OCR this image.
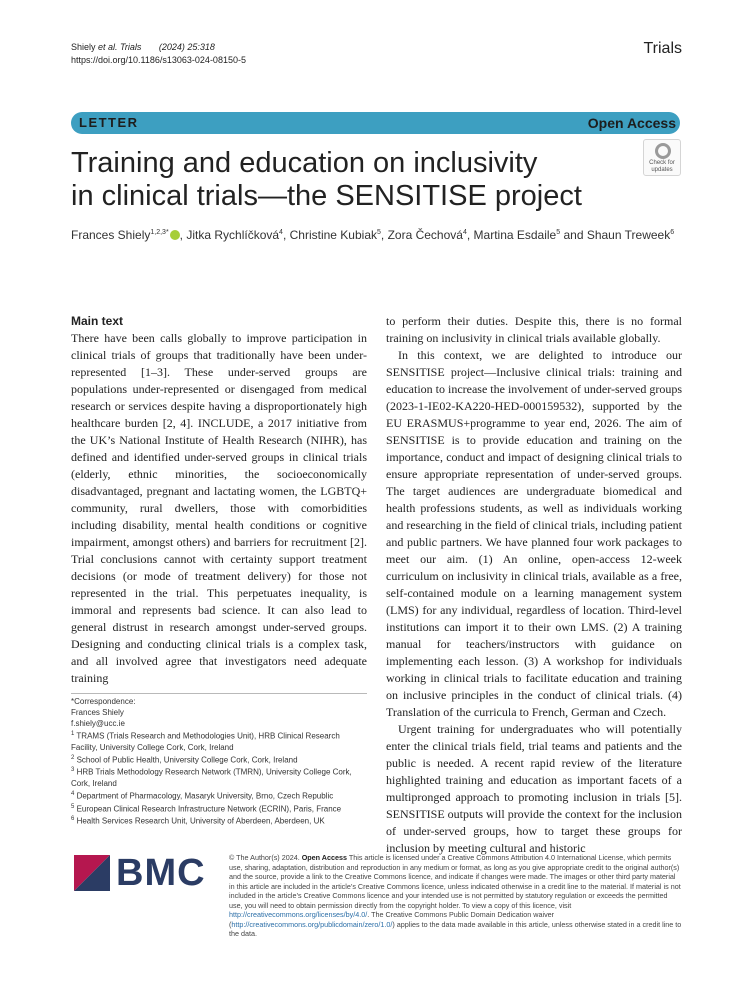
Shiely et al. Trials (2024) 25:318
https://doi.org/10.1186/s13063-024-08150-5
Trials
LETTER	Open Access
Training and education on inclusivity
in clinical trials—the SENSITISE project
Check for
updates
Frances Shiely$^{1,2,3*}$ , Jitka Rychlíčková$^4$, Christine Kubiak$^5$, Zora Čechová$^4$, Martina Esdaile$^5$ and Shaun Treweek$^6$
Main text

There have been calls globally to improve participation in clinical trials of groups that traditionally have been under-represented [1–3]. These under-served groups are populations under-represented or disengaged from medical research or services despite having a disproportionately high healthcare burden [2, 4]. INCLUDE, a 2017 initiative from the UK’s National Institute of Health Research (NIHR), has defined and identified under-served groups in clinical trials (elderly, ethnic minorities, the socioeconomically disadvantaged, pregnant and lactating women, the LGBTQ+ community, rural dwellers, those with comorbidities including disability, mental health conditions or cognitive impairment, amongst others) and barriers for recruitment [2]. Trial conclusions cannot with certainty support treatment decisions (or mode of treatment delivery) for those not represented in the trial. This perpetuates inequality, is immoral and represents bad science. It can also lead to general distrust in research amongst under-served groups. Designing and conducting clinical trials is a complex task, and all involved agree that investigators need adequate training

to perform their duties. Despite this, there is no formal training on inclusivity in clinical trials available globally.

In this context, we are delighted to introduce our SENSITISE project—Inclusive clinical trials: training and education to increase the involvement of under-served groups (2023-1-IE02-KA220-HED-000159532), supported by the EU ERASMUS+programme to year end, 2026. The aim of SENSITISE is to provide education and training on the importance, conduct and impact of designing clinical trials to ensure appropriate representation of under-served groups. The target audiences are undergraduate biomedical and health professions students, as well as individuals working and researching in the field of clinical trials, including patient and public partners. We have planned four work packages to meet our aim. (1) An online, open-access 12-week curriculum on inclusivity in clinical trials, available as a free, self-contained module on a learning management system (LMS) for any individual, regardless of location. Third-level institutions can import it to their own LMS. (2) A training manual for teachers/instructors with guidance on implementing each lesson. (3) A workshop for individuals working in clinical trials to facilitate education and training on inclusive principles in the conduct of clinical trials. (4) Translation of the curricula to French, German and Czech.

Urgent training for undergraduates who will potentially enter the clinical trials field, trial teams and patients and the public is needed. A recent rapid review of the literature highlighted training and education as important facets of a multipronged approach to promoting inclusion in trials [5]. SENSITISE outputs will provide the context for the inclusion of under-served groups, how to target these groups for inclusion by meeting cultural and historic

*Correspondence:
Frances Shiely
f.shiely@ucc.ie
$^1$ TRAMS (Trials Research and Methodologies Unit), HRB Clinical Research Facility, University College Cork, Cork, Ireland
$^2$ School of Public Health, University College Cork, Cork, Ireland
$^3$ HRB Trials Methodology Research Network (TMRN), University College Cork, Cork, Ireland
$^4$ Department of Pharmacology, Masaryk University, Brno, Czech Republic
$^5$ European Clinical Research Infrastructure Network (ECRIN), Paris, France
$^6$ Health Services Research Unit, University of Aberdeen, Aberdeen, UK
BMC	© The Author(s) 2024. Open Access This article is licensed under a Creative Commons Attribution 4.0 International License, which permits use, sharing, adaptation, distribution and reproduction in any medium or format, as long as you give appropriate credit to the original author(s) and the source, provide a link to the Creative Commons licence, and indicate if changes were made. The images or other third party material in this article are included in the article’s Creative Commons licence, unless indicated otherwise in a credit line to the material. If material is not included in the article’s Creative Commons licence and your intended use is not permitted by statutory regulation or exceeds the permitted use, you will need to obtain permission directly from the copyright holder. To view a copy of this licence, visit http://creativecommons.org/licenses/by/4.0/. The Creative Commons Public Domain Dedication waiver (http://creativecommons.org/publicdomain/zero/1.0/) applies to the data made available in this article, unless otherwise stated in a credit line to the data.
